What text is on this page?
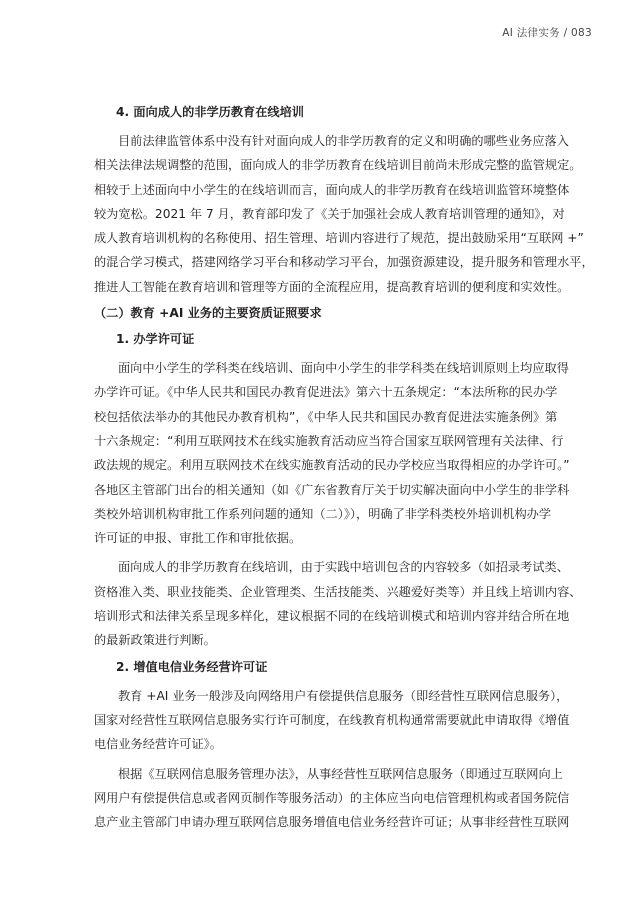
AI 法律实务 / 083
4. 面向成人的非学历教育在线培训
目前法律监管体系中没有针对面向成人的非学历教育的定义和明确的哪些业务应落入
相关法律法规调整的范围，面向成人的非学历教育在线培训目前尚未形成完整的监管规定。
相较于上述面向中小学生的在线培训而言，面向成人的非学历教育在线培训监管环境整体
较为宽松。2021 年 7 月，教育部印发了《关于加强社会成人教育培训管理的通知》，对
成人教育培训机构的名称使用、招生管理、培训内容进行了规范，提出鼓励采用“互联网 +”
的混合学习模式，搭建网络学习平台和移动学习平台，加强资源建设，提升服务和管理水平，
推进人工智能在教育培训和管理等方面的全流程应用，提高教育培训的便利度和实效性。
（二）教育 +AI 业务的主要资质证照要求
1. 办学许可证
面向中小学生的学科类在线培训、面向中小学生的非学科类在线培训原则上均应取得
办学许可证。《中华人民共和国民办教育促进法》第六十五条规定：“本法所称的民办学
校包括依法举办的其他民办教育机构”，《中华人民共和国民办教育促进法实施条例》第
十六条规定：“利用互联网技术在线实施教育活动应当符合国家互联网管理有关法律、行
政法规的规定。利用互联网技术在线实施教育活动的民办学校应当取得相应的办学许可。”
各地区主管部门出台的相关通知（如《广东省教育厅关于切实解决面向中小学生的非学科
类校外培训机构审批工作系列问题的通知（二）》），明确了非学科类校外培训机构办学
许可证的申报、审批工作和审批依据。
面向成人的非学历教育在线培训，由于实践中培训包含的内容较多（如招录考试类、
资格准入类、职业技能类、企业管理类、生活技能类、兴趣爱好类等）并且线上培训内容、
培训形式和法律关系呈现多样化，建议根据不同的在线培训模式和培训内容并结合所在地
的最新政策进行判断。
2. 增值电信业务经营许可证
教育 +AI 业务一般涉及向网络用户有偿提供信息服务（即经营性互联网信息服务），
国家对经营性互联网信息服务实行许可制度，在线教育机构通常需要就此申请取得《增值
电信业务经营许可证》。
根据《互联网信息服务管理办法》，从事经营性互联网信息服务（即通过互联网向上
网用户有偿提供信息或者网页制作等服务活动）的主体应当向电信管理机构或者国务院信
息产业主管部门申请办理互联网信息服务增值电信业务经营许可证；从事非经营性互联网
